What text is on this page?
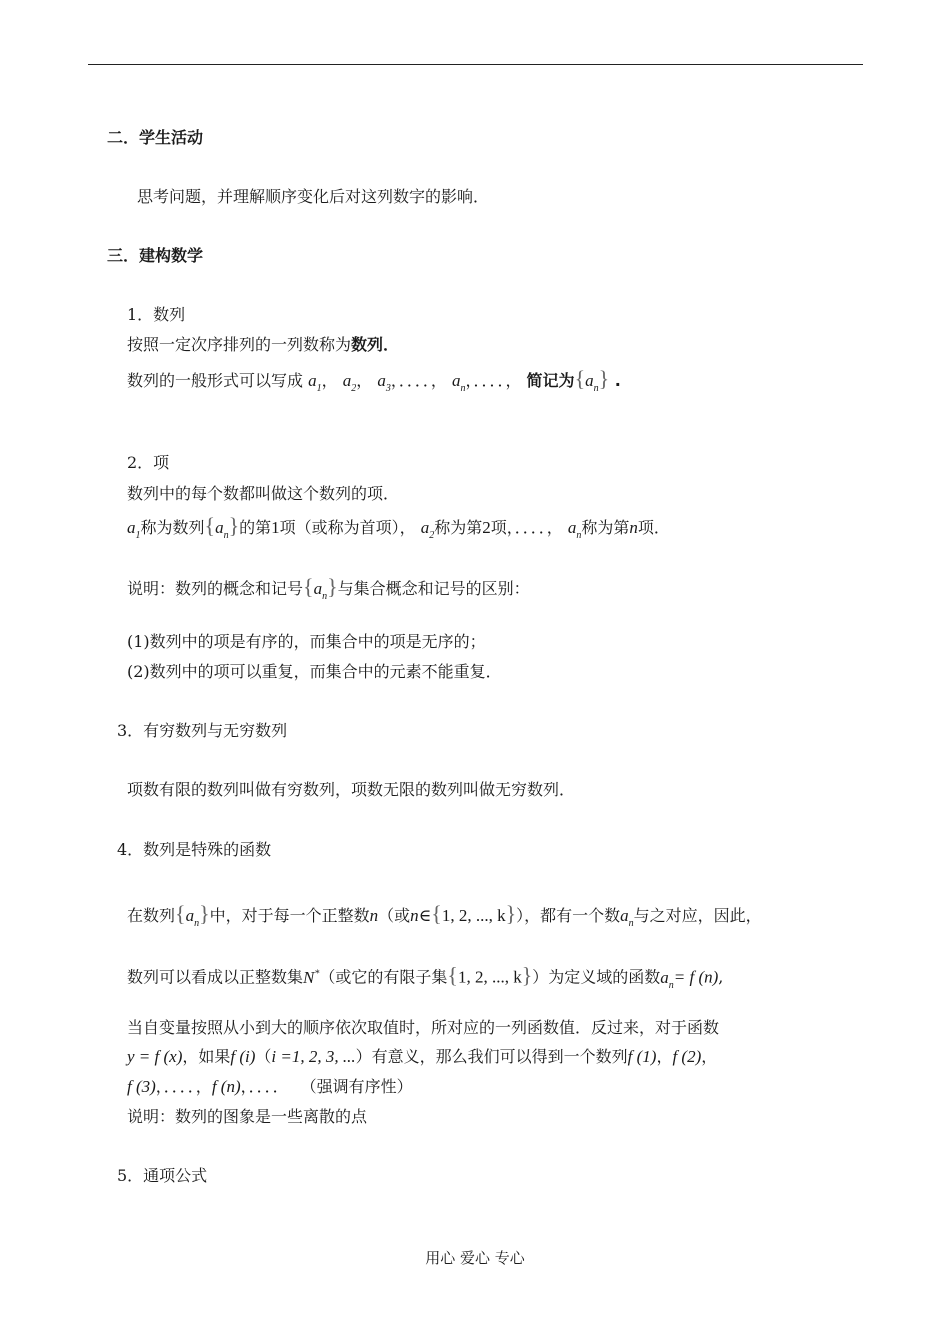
二．学生活动
思考问题，并理解顺序变化后对这列数字的影响．
三．建构数学
1．数列
按照一定次序排列的一列数称为数列．
数列的一般形式可以写成 $a_1$， $a_2$， $a_3$，．．．．， $a_n$，．．．．， 简记为$\{a_n\}$ .
2．项
数列中的每个数都叫做这个数列的项．
$a_1$称为数列$\{a_n\}$的第1项（或称为首项）， $a_2$称为第2项，．．．．， $a_n$称为第n项．
说明：数列的概念和记号$\{a_n\}$与集合概念和记号的区别：
(1)数列中的项是有序的，而集合中的项是无序的；
(2)数列中的项可以重复，而集合中的元素不能重复．
3．有穷数列与无穷数列
项数有限的数列叫做有穷数列，项数无限的数列叫做无穷数列．
4．数列是特殊的函数
在数列$\{a_n\}$中，对于每一个正整数n（或n∈{1, 2, ..., k}），都有一个数$a_n$与之对应，因此，
数列可以看成以正整数集N*（或它的有限子集{1, 2, ..., k}）为定义域的函数$a_n= f$ (n),
当自变量按照从小到大的顺序依次取值时，所对应的一列函数值．反过来，对于函数
y = f (x)，如果f (i)（i =1, 2, 3, ...）有意义，那么我们可以得到一个数列f (1)，f (2)，
f (3)，．．．．，f (n)，．．．． （强调有序性）
说明：数列的图象是一些离散的点
5．通项公式
用心 爱心 专心
